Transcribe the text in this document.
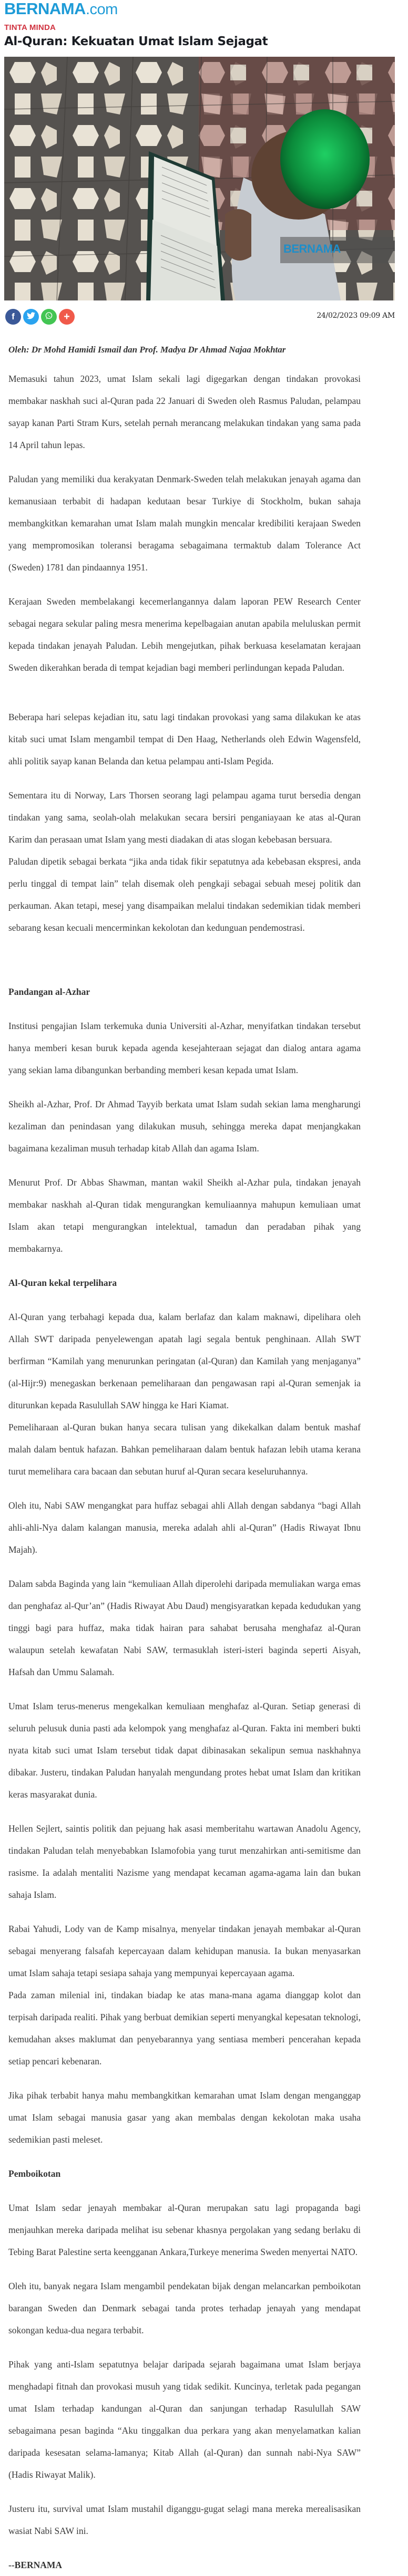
BERNAMA.com
TINTA MINDA
Al-Quran: Kekuatan Umat Islam Sejagat
BERNAMA
f	+	24/02/2023 09:09 AM
Oleh: Dr Mohd Hamidi Ismail dan Prof. Madya Dr Ahmad Najaa Mokhtar

Memasuki tahun 2023, umat Islam sekali lagi digegarkan dengan tindakan provokasi membakar naskhah suci al-Quran pada 22 Januari di Sweden oleh Rasmus Paludan, pelampau sayap kanan Parti Stram Kurs, setelah pernah merancang melakukan tindakan yang sama pada 14 April tahun lepas.

Paludan yang memiliki dua kerakyatan Denmark-Sweden telah melakukan jenayah agama dan kemanusiaan terbabit di hadapan kedutaan besar Turkiye di Stockholm, bukan sahaja membangkitkan kemarahan umat Islam malah mungkin mencalar kredibiliti kerajaan Sweden yang mempromosikan toleransi beragama sebagaimana termaktub dalam Tolerance Act (Sweden) 1781 dan pindaannya 1951.

Kerajaan Sweden membelakangi kecemerlangannya dalam laporan PEW Research Center sebagai negara sekular paling mesra menerima kepelbagaian anutan apabila meluluskan permit kepada tindakan jenayah Paludan. Lebih mengejutkan, pihak berkuasa keselamatan kerajaan Sweden dikerahkan berada di tempat kejadian bagi memberi perlindungan kepada Paludan.

Beberapa hari selepas kejadian itu, satu lagi tindakan provokasi yang sama dilakukan ke atas kitab suci umat Islam mengambil tempat di Den Haag, Netherlands oleh Edwin Wagensfeld, ahli politik sayap kanan Belanda dan ketua pelampau anti-Islam Pegida.

Sementara itu di Norway, Lars Thorsen seorang lagi pelampau agama turut bersedia dengan tindakan yang sama, seolah-olah melakukan secara bersiri penganiayaan ke atas al-Quran Karim dan perasaan umat Islam yang mesti diadakan di atas slogan kebebasan bersuara.

Paludan dipetik sebagai berkata “jika anda tidak fikir sepatutnya ada kebebasan ekspresi, anda perlu tinggal di tempat lain” telah disemak oleh pengkaji sebagai sebuah mesej politik dan perkauman. Akan tetapi, mesej yang disampaikan melalui tindakan sedemikian tidak memberi sebarang kesan kecuali mencerminkan kekolotan dan kedunguan pendemostrasi.

Pandangan al-Azhar

Institusi pengajian Islam terkemuka dunia Universiti al-Azhar, menyifatkan tindakan tersebut hanya memberi kesan buruk kepada agenda kesejahteraan sejagat dan dialog antara agama yang sekian lama dibangunkan berbanding memberi kesan kepada umat Islam.

Sheikh al-Azhar, Prof. Dr Ahmad Tayyib berkata umat Islam sudah sekian lama mengharungi kezaliman dan penindasan yang dilakukan musuh, sehingga mereka dapat menjangkakan bagaimana kezaliman musuh terhadap kitab Allah dan agama Islam.

Menurut Prof. Dr Abbas Shawman, mantan wakil Sheikh al-Azhar pula, tindakan jenayah membakar naskhah al-Quran tidak mengurangkan kemuliaannya mahupun kemuliaan umat Islam akan tetapi mengurangkan intelektual, tamadun dan peradaban pihak yang membakarnya.

Al-Quran kekal terpelihara

Al-Quran yang terbahagi kepada dua, kalam berlafaz dan kalam maknawi, dipelihara oleh Allah SWT daripada penyelewengan apatah lagi segala bentuk penghinaan. Allah SWT berfirman “Kamilah yang menurunkan peringatan (al-Quran) dan Kamilah yang menjaganya” (al-Hijr:9) menegaskan berkenaan pemeliharaan dan pengawasan rapi al-Quran semenjak ia diturunkan kepada Rasulullah SAW hingga ke Hari Kiamat.

Pemeliharaan al-Quran bukan hanya secara tulisan yang dikekalkan dalam bentuk mashaf malah dalam bentuk hafazan. Bahkan pemeliharaan dalam bentuk hafazan lebih utama kerana turut memelihara cara bacaan dan sebutan huruf al-Quran secara keseluruhannya.

Oleh itu, Nabi SAW mengangkat para huffaz sebagai ahli Allah dengan sabdanya “bagi Allah ahli-ahli-Nya dalam kalangan manusia, mereka adalah ahli al-Quran” (Hadis Riwayat Ibnu Majah).

Dalam sabda Baginda yang lain “kemuliaan Allah diperolehi daripada memuliakan warga emas dan penghafaz al-Qur’an” (Hadis Riwayat Abu Daud) mengisyaratkan kepada kedudukan yang tinggi bagi para huffaz, maka tidak hairan para sahabat berusaha menghafaz al-Quran walaupun setelah kewafatan Nabi SAW, termasuklah isteri-isteri baginda seperti Aisyah, Hafsah dan Ummu Salamah.

Umat Islam terus-menerus mengekalkan kemuliaan menghafaz al-Quran. Setiap generasi di seluruh pelusuk dunia pasti ada kelompok yang menghafaz al-Quran. Fakta ini memberi bukti nyata kitab suci umat Islam tersebut tidak dapat dibinasakan sekalipun semua naskhahnya dibakar. Justeru, tindakan Paludan hanyalah mengundang protes hebat umat Islam dan kritikan keras masyarakat dunia.

Hellen Sejlert, saintis politik dan pejuang hak asasi memberitahu wartawan Anadolu Agency, tindakan Paludan telah menyebabkan Islamofobia yang turut menzahirkan anti-semitisme dan rasisme. Ia adalah mentaliti Nazisme yang mendapat kecaman agama-agama lain dan bukan sahaja Islam.

Rabai Yahudi, Lody van de Kamp misalnya, menyelar tindakan jenayah membakar al-Quran sebagai menyerang falsafah kepercayaan dalam kehidupan manusia. Ia bukan menyasarkan umat Islam sahaja tetapi sesiapa sahaja yang mempunyai kepercayaan agama.

Pada zaman milenial ini, tindakan biadap ke atas mana-mana agama dianggap kolot dan terpisah daripada realiti. Pihak yang berbuat demikian seperti menyangkal kepesatan teknologi, kemudahan akses maklumat dan penyebarannya yang sentiasa memberi pencerahan kepada setiap pencari kebenaran.

Jika pihak terbabit hanya mahu membangkitkan kemarahan umat Islam dengan menganggap umat Islam sebagai manusia gasar yang akan membalas dengan kekolotan maka usaha sedemikian pasti meleset.

Pemboikotan

Umat Islam sedar jenayah membakar al-Quran merupakan satu lagi propaganda bagi menjauhkan mereka daripada melihat isu sebenar khasnya pergolakan yang sedang berlaku di Tebing Barat Palestine serta keengganan Ankara,Turkeye menerima Sweden menyertai NATO.

Oleh itu, banyak negara Islam mengambil pendekatan bijak dengan melancarkan pemboikotan barangan Sweden dan Denmark sebagai tanda protes terhadap jenayah yang mendapat sokongan kedua-dua negara terbabit.

Pihak yang anti-Islam sepatutnya belajar daripada sejarah bagaimana umat Islam berjaya menghadapi fitnah dan provokasi musuh yang tidak sedikit. Kuncinya, terletak pada pegangan umat Islam terhadap kandungan al-Quran dan sanjungan terhadap Rasulullah SAW sebagaimana pesan baginda “Aku tinggalkan dua perkara yang akan menyelamatkan kalian daripada kesesatan selama-lamanya; Kitab Allah (al-Quran) dan sunnah nabi-Nya SAW” (Hadis Riwayat Malik).

Justeru itu, survival umat Islam mustahil diganggu-gugat selagi mana mereka merealisasikan wasiat Nabi SAW ini.

--BERNAMA
